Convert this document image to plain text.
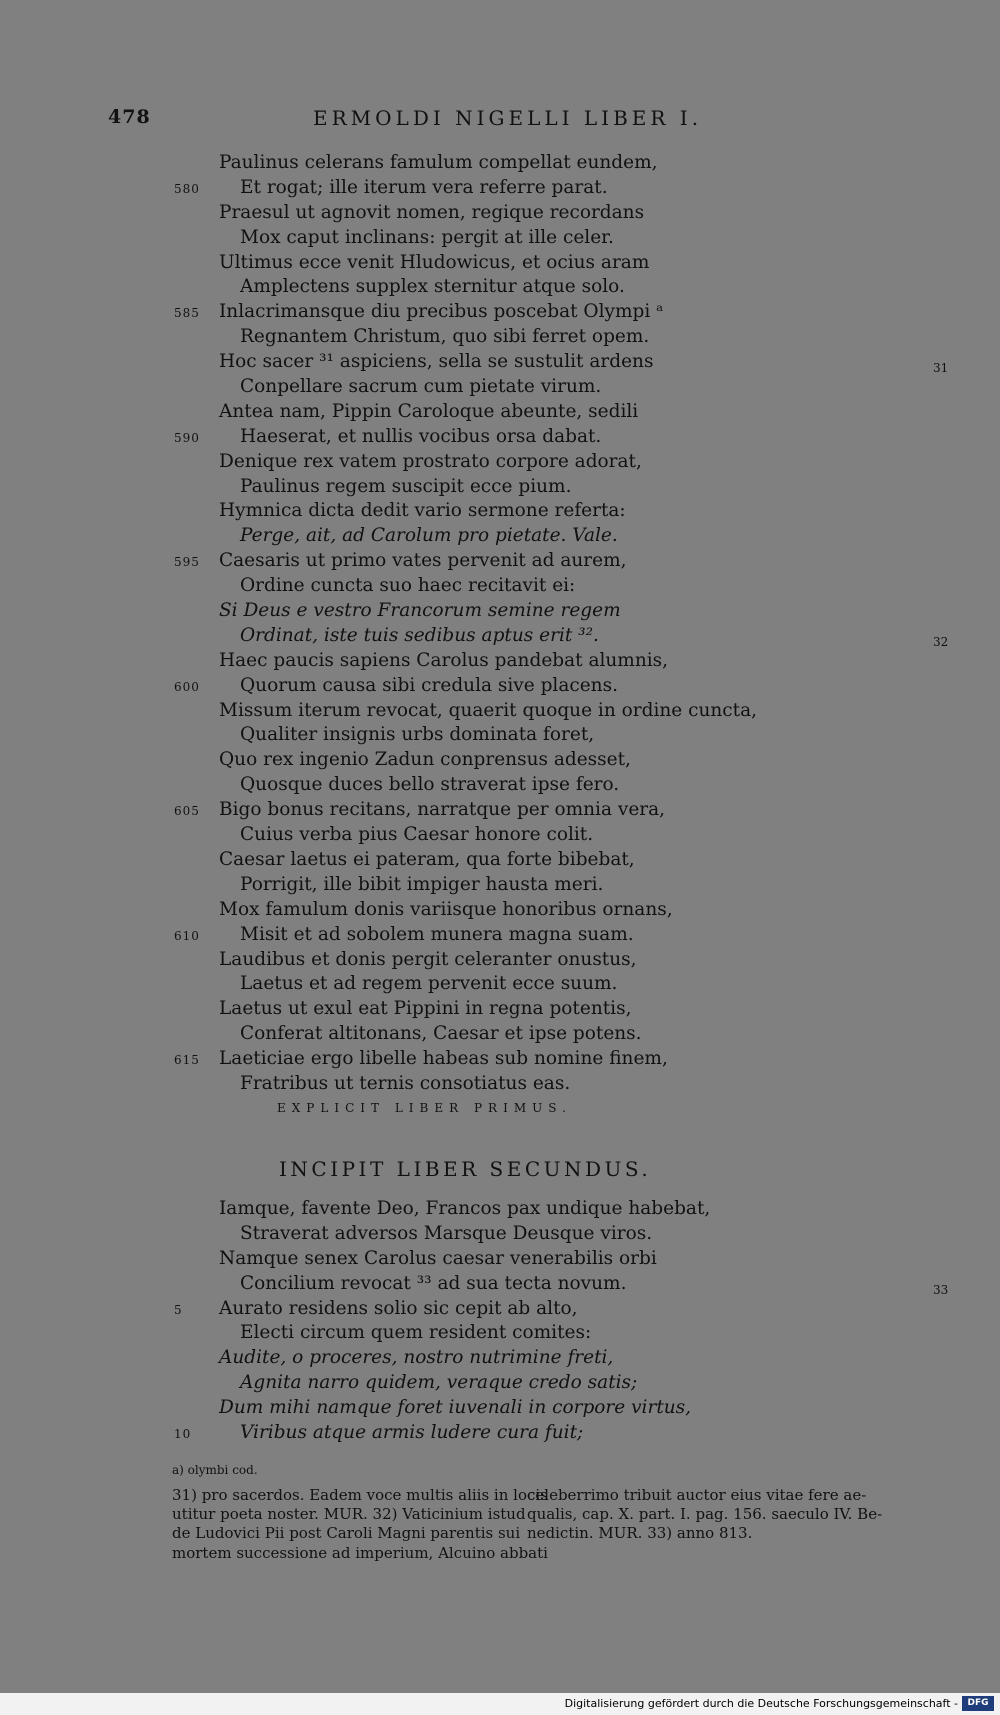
478	ERMOLDI NIGELLI LIBER I.
Paulinus celerans famulum compellat eundem,
580 Et rogat; ille iterum vera referre parat.
Praesul ut agnovit nomen, regique recordans
Mox caput inclinans: pergit at ille celer.
Ultimus ecce venit Hludowicus, et ocius aram
Amplectens supplex sternitur atque solo.
585 Inlacrimansque diu precibus poscebat Olympi ᵃ
Regnantem Christum, quo sibi ferret opem.
Hoc sacer ³¹ aspiciens, sella se sustulit ardens	31
Conpellare sacrum cum pietate virum.
Antea nam, Pippin Caroloque abeunte, sedili
590 Haeserat, et nullis vocibus orsa dabat.
Denique rex vatem prostrato corpore adorat,
Paulinus regem suscipit ecce pium.
Hymnica dicta dedit vario sermone referta:
Perge, ait, ad Carolum pro pietate. Vale.
595 Caesaris ut primo vates pervenit ad aurem,
Ordine cuncta suo haec recitavit ei:
Si Deus e vestro Francorum semine regem
Ordinat, iste tuis sedibus aptus erit ³².	32
Haec paucis sapiens Carolus pandebat alumnis,
600 Quorum causa sibi credula sive placens.
Missum iterum revocat, quaerit quoque in ordine cuncta,
Qualiter insignis urbs dominata foret,
Quo rex ingenio Zadun conprensus adesset,
Quosque duces bello straverat ipse fero.
605 Bigo bonus recitans, narratque per omnia vera,
Cuius verba pius Caesar honore colit.
Caesar laetus ei pateram, qua forte bibebat,
Porrigit, ille bibit impiger hausta meri.
Mox famulum donis variisque honoribus ornans,
610 Misit et ad sobolem munera magna suam.
Laudibus et donis pergit celeranter onustus,
Laetus et ad regem pervenit ecce suum.
Laetus ut exul eat Pippini in regna potentis,
Conferat altitonans, Caesar et ipse potens.
615 Laeticiae ergo libelle habeas sub nomine finem,
Fratribus ut ternis consotiatus eas.
EXPLICIT LIBER PRIMUS.
INCIPIT LIBER SECUNDUS.
Iamque, favente Deo, Francos pax undique habebat,
Straverat adversos Marsque Deusque viros.
Namque senex Carolus caesar venerabilis orbi
Concilium revocat ³³ ad sua tecta novum.	33
5 Aurato residens solio sic cepit ab alto,
Electi circum quem resident comites:
Audite, o proceres, nostro nutrimine freti,
Agnita narro quidem, veraque credo satis;
Dum mihi namque foret iuvenali in corpore virtus,
10	Viribus atque armis ludere cura fuit;
a) olymbi cod.
31) pro sacerdos. Eadem voce multis aliis in locis
utitur poeta noster. MUR. 32) Vaticinium istud
de Ludovici Pii post Caroli Magni parentis sui
mortem successione ad imperium, Alcuino abbati
celeberrimo tribuit auctor eius vitae fere ae-
qualis, cap. X. part. I. pag. 156. saeculo IV. Be-
nedictin. MUR. 33) anno 813.
Digitalisierung gefördert durch die Deutsche Forschungsgemeinschaft -	DFG
